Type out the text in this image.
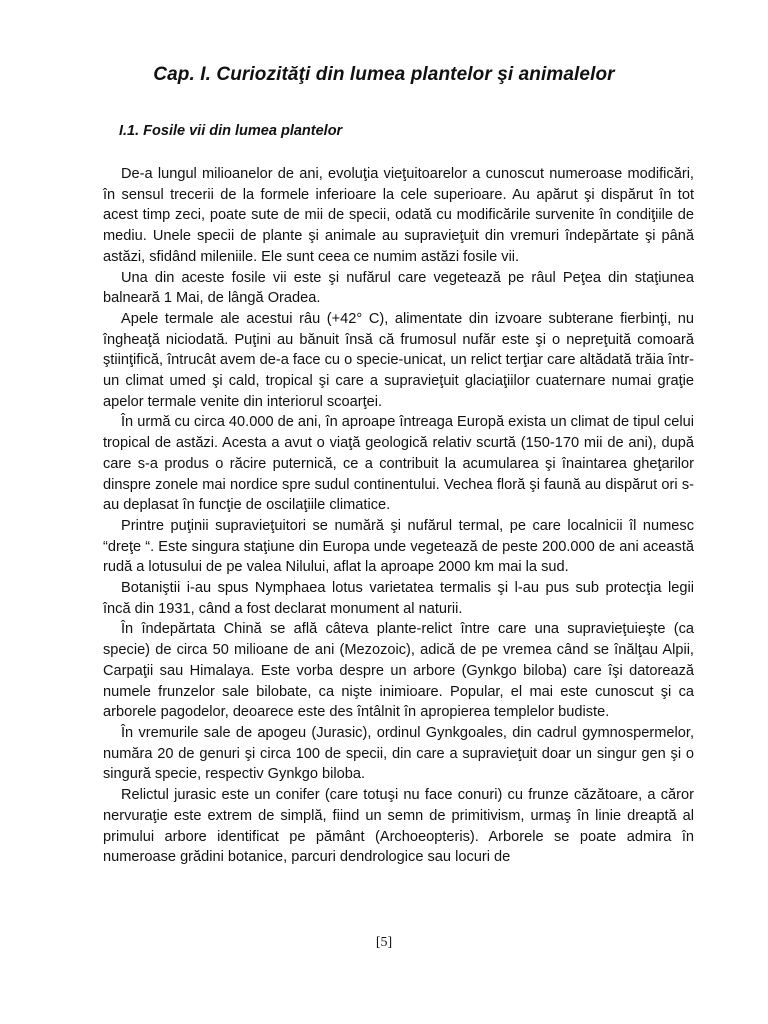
Cap. I. Curiozităţi din lumea plantelor şi animalelor
I.1. Fosile vii din lumea plantelor

De-a lungul milioanelor de ani, evoluţia vieţuitoarelor a cunoscut numeroase modificări, în sensul trecerii de la formele inferioare la cele superioare. Au apărut şi dispărut în tot acest timp zeci, poate sute de mii de specii, odată cu modificările survenite în condiţiile de mediu. Unele specii de plante şi animale au supravieţuit din vremuri îndepărtate şi până astăzi, sfidând mileniile. Ele sunt ceea ce numim astăzi fosile vii.

Una din aceste fosile vii este şi nufărul care vegetează pe râul Peţea din staţiunea balneară 1 Mai, de lângă Oradea.

Apele termale ale acestui râu (+42° C), alimentate din izvoare subterane fierbinţi, nu îngheaţă niciodată. Puţini au bănuit însă că frumosul nufăr este şi o nepreţuită comoară ştiinţifică, întrucât avem de-a face cu o specie-unicat, un relict terţiar care altădată trăia într-un climat umed şi cald, tropical şi care a supravieţuit glaciaţiilor cuaternare numai graţie apelor termale venite din interiorul scoarţei.

În urmă cu circa 40.000 de ani, în aproape întreaga Europă exista un climat de tipul celui tropical de astăzi. Acesta a avut o viaţă geologică relativ scurtă (150-170 mii de ani), după care s-a produs o răcire puternică, ce a contribuit la acumularea şi înaintarea gheţarilor dinspre zonele mai nordice spre sudul continentului. Vechea floră şi faună au dispărut ori s-au deplasat în funcţie de oscilaţiile climatice.

Printre puţinii supravieţuitori se numără şi nufărul termal, pe care localnicii îl numesc “dreţe “. Este singura staţiune din Europa unde vegetează de peste 200.000 de ani această rudă a lotusului de pe valea Nilului, aflat la aproape 2000 km mai la sud.

Botaniştii i-au spus Nymphaea lotus varietatea termalis şi l-au pus sub protecţia legii încă din 1931, când a fost declarat monument al naturii.

În îndepărtata Chină se află câteva plante-relict între care una supravieţuieşte (ca specie) de circa 50 milioane de ani (Mezozoic), adică de pe vremea când se înălţau Alpii, Carpaţii sau Himalaya. Este vorba despre un arbore (Gynkgo biloba) care îşi datorează numele frunzelor sale bilobate, ca nişte inimioare. Popular, el mai este cunoscut şi ca arborele pagodelor, deoarece este des întâlnit în apropierea templelor budiste.

În vremurile sale de apogeu (Jurasic), ordinul Gynkgoales, din cadrul gymnospermelor, număra 20 de genuri şi circa 100 de specii, din care a supravieţuit doar un singur gen şi o singură specie, respectiv Gynkgo biloba.

Relictul jurasic este un conifer (care totuşi nu face conuri) cu frunze căzătoare, a căror nervuraţie este extrem de simplă, fiind un semn de primitivism, urmaş în linie dreaptă al primului arbore identificat pe pământ (Archoeopteris). Arborele se poate admira în numeroase grădini botanice, parcuri dendrologice sau locuri de

[5]
